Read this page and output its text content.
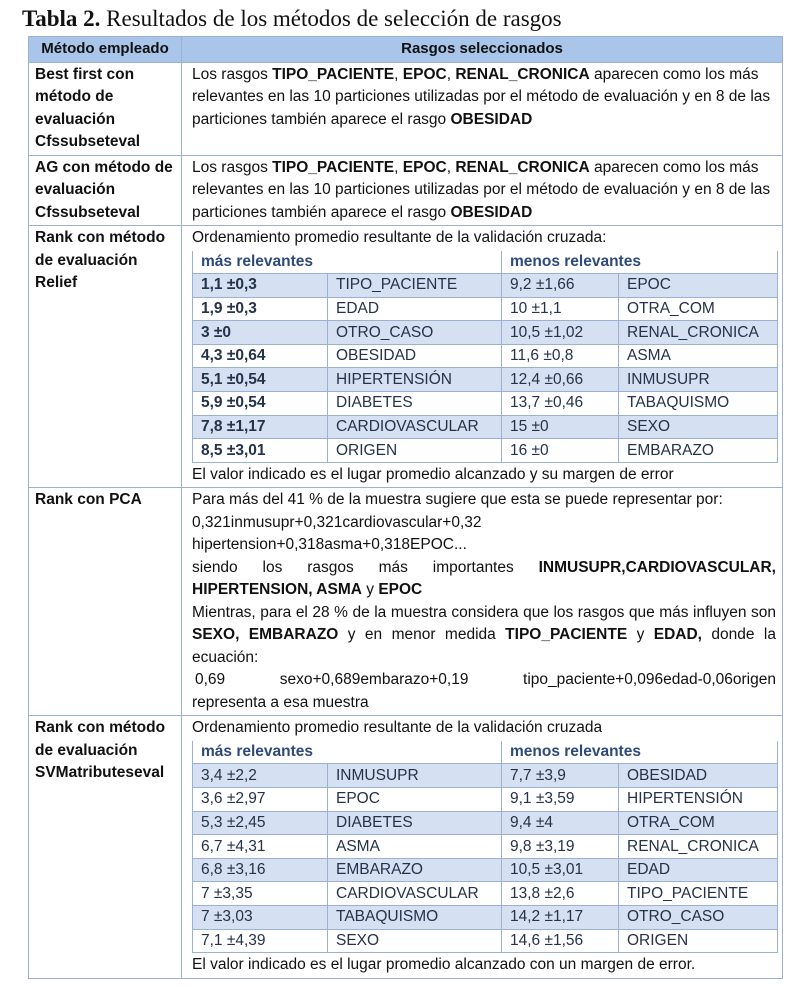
Tabla 2. Resultados de los métodos de selección de rasgos
Método empleado	Rasgos seleccionados

Best first con
método de
evaluación
Cfssubseteval
	Los rasgos TIPO_PACIENTE, EPOC, RENAL_CRONICA aparecen como los más relevantes en las 10 particiones utilizadas por el método de evaluación y en 8 de las particiones también aparece el rasgo OBESIDAD

AG con método de
evaluación
Cfssubseteval
	Los rasgos TIPO_PACIENTE, EPOC, RENAL_CRONICA aparecen como los más relevantes en las 10 particiones utilizadas por el método de evaluación y en 8 de las particiones también aparece el rasgo OBESIDAD

Rank con método
de evaluación
Relief

Ordenamiento promedio resultante de la validación cruzada:
más relevantes	menos relevantes
1,1 ±0,3	TIPO_PACIENTE	9,2 ±1,66	EPOC
1,9 ±0,3	EDAD	10 ±1,1	OTRA_COM
3 ±0	OTRO_CASO	10,5 ±1,02	RENAL_CRONICA
4,3 ±0,64	OBESIDAD	11,6 ±0,8	ASMA
5,1 ±0,54	HIPERTENSIÓN	12,4 ±0,66	INMUSUPR
5,9 ±0,54	DIABETES	13,7 ±0,46	TABAQUISMO
7,8 ±1,17	CARDIOVASCULAR	15 ±0	SEXO
8,5 ±3,01	ORIGEN	16 ±0	EMBARAZO
El valor indicado es el lugar promedio alcanzado y su margen de error

Rank con PCA	Para más del 41 % de la muestra sugiere que esta se puede representar por:
0,321inmusupr+0,321cardiovascular+0,32
hipertension+0,318asma+0,318EPOC...
siendo los rasgos más importantes INMUSUPR,CARDIOVASCULAR, HIPERTENSION, ASMA y EPOC
Mientras, para el 28 % de la muestra considera que los rasgos que más influyen son SEXO, EMBARAZO y en menor medida TIPO_PACIENTE y EDAD, donde la ecuación:
0,69	sexo+0,689embarazo+0,19	tipo_paciente+0,096edad-0,06origen
representa a esa muestra

Rank con método
de evaluación
SVMatributeseval

Ordenamiento promedio resultante de la validación cruzada
más relevantes	menos relevantes
3,4 ±2,2	INMUSUPR	7,7 ±3,9	OBESIDAD
3,6 ±2,97	EPOC	9,1 ±3,59	HIPERTENSIÓN
5,3 ±2,45	DIABETES	9,4 ±4	OTRA_COM
6,7 ±4,31	ASMA	9,8 ±3,19	RENAL_CRONICA
6,8 ±3,16	EMBARAZO	10,5 ±3,01	EDAD
7 ±3,35	CARDIOVASCULAR	13,8 ±2,6	TIPO_PACIENTE
7 ±3,03	TABAQUISMO	14,2 ±1,17	OTRO_CASO
7,1 ±4,39	SEXO	14,6 ±1,56	ORIGEN
El valor indicado es el lugar promedio alcanzado con un margen de error.
